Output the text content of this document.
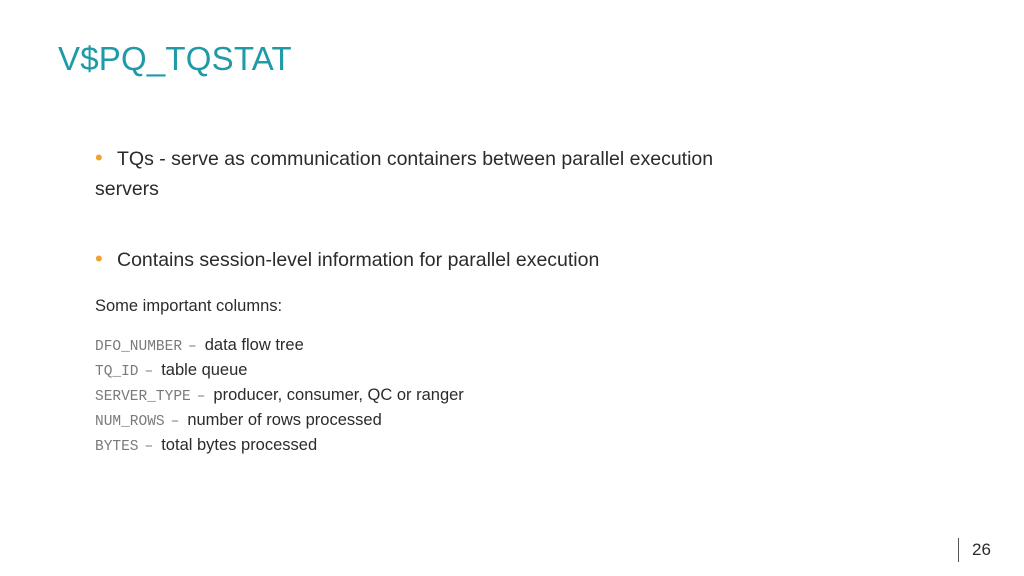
V$PQ_TQSTAT
• TQs - serve as communication containers between parallel execution servers
• Contains session-level information for parallel execution

Some important columns:

DFO_NUMBER – data flow tree
TQ_ID – table queue
SERVER_TYPE – producer, consumer, QC or ranger
NUM_ROWS – number of rows processed
BYTES – total bytes processed
26
